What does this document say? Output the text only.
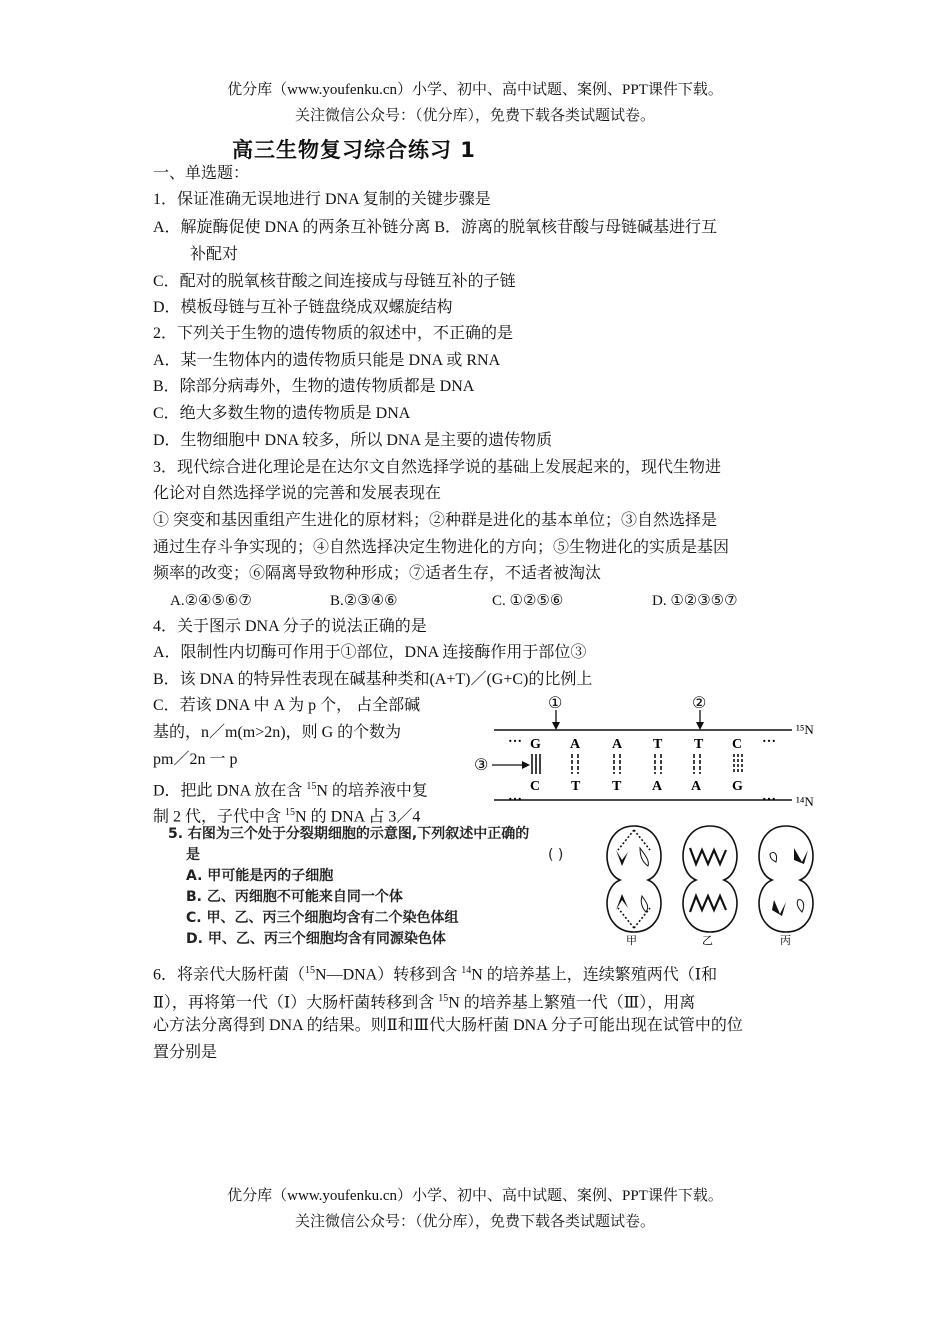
优分库（www.youfenku.cn）小学、初中、高中试题、案例、PPT课件下载。
关注微信公众号：（优分库），免费下载各类试题试卷。
高三生物复习综合练习 1
一、单选题：
1．保证准确无误地进行 DNA 复制的关键步骤是
A．解旋酶促使 DNA 的两条互补链分离 B．游离的脱氧核苷酸与母链碱基进行互
补配对
C．配对的脱氧核苷酸之间连接成与母链互补的子链
D．模板母链与互补子链盘绕成双螺旋结构
2．下列关于生物的遗传物质的叙述中，不正确的是
A．某一生物体内的遗传物质只能是 DNA 或 RNA
B．除部分病毒外，生物的遗传物质都是 DNA
C．绝大多数生物的遗传物质是 DNA
D．生物细胞中 DNA 较多，所以 DNA 是主要的遗传物质
3．现代综合进化理论是在达尔文自然选择学说的基础上发展起来的，现代生物进
化论对自然选择学说的完善和发展表现在
① 突变和基因重组产生进化的原材料；②种群是进化的基本单位；③自然选择是
通过生存斗争实现的；④自然选择决定生物进化的方向；⑤生物进化的实质是基因
频率的改变；⑥隔离导致物种形成；⑦适者生存，不适者被淘汰
A.②④⑤⑥⑦	B.②③④⑥	C. ①②⑤⑥	D. ①②③⑤⑦
4．关于图示 DNA 分子的说法正确的是
A．限制性内切酶可作用于①部位，DNA 连接酶作用于部位③
B．该 DNA 的特异性表现在碱基种类和(A+T)／(G+C)的比例上
C．若该 DNA 中 A 为 p 个， 占全部碱
基的，n／m(m>2n)，则 G 的个数为
pm／2n 一 p
D．把此 DNA 放在含 $^{15}$N 的培养液中复
制 2 代，子代中含 $^{15}$N 的 DNA 占 3／4
…	…
…	…
G A A T T C
C T T A A G
①	②
③
¹⁵N
¹⁴N
5. 右图为三个处于分裂期细胞的示意图,下列叙述中正确的
是	( )
A. 甲可能是丙的子细胞
B. 乙、丙细胞不可能来自同一个体
C. 甲、乙、丙三个细胞均含有二个染色体组
D. 甲、乙、丙三个细胞均含有同源染色体	甲	乙	丙
6．将亲代大肠杆菌（$^{15}$N—DNA）转移到含 $^{14}$N 的培养基上，连续繁殖两代（Ⅰ和
Ⅱ），再将第一代（Ⅰ）大肠杆菌转移到含 $^{15}$N 的培养基上繁殖一代（Ⅲ），用离
心方法分离得到 DNA 的结果。则Ⅱ和Ⅲ代大肠杆菌 DNA 分子可能出现在试管中的位
置分别是
优分库（www.youfenku.cn）小学、初中、高中试题、案例、PPT课件下载。
关注微信公众号：（优分库），免费下载各类试题试卷。
